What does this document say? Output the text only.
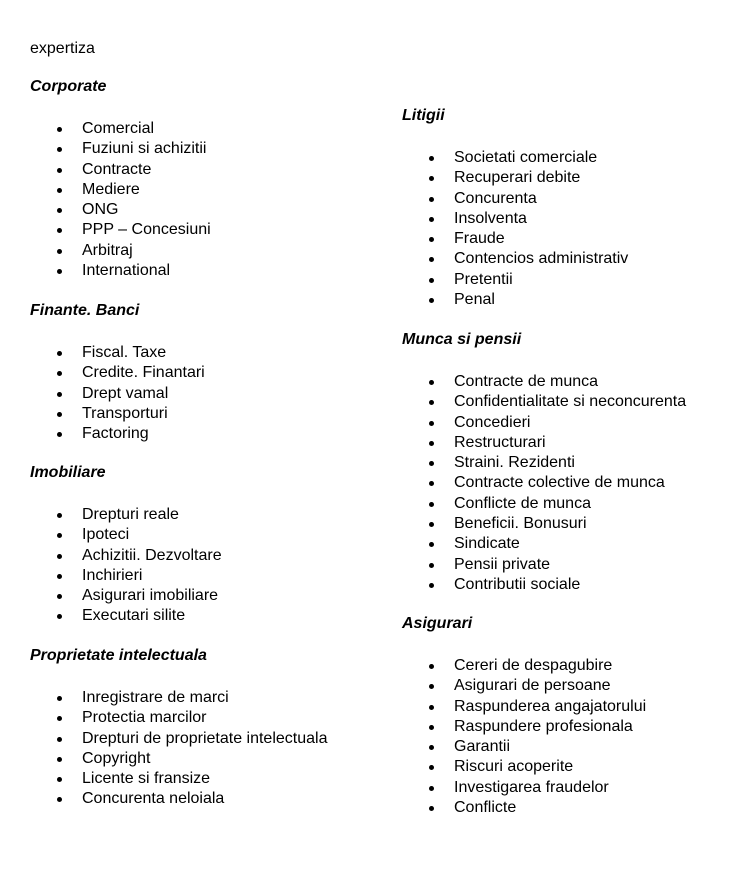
expertiza
Corporate
Comercial
Fuziuni si achizitii
Contracte
Mediere
ONG
PPP – Concesiuni
Arbitraj
International
Finante. Banci
Fiscal. Taxe
Credite. Finantari
Drept vamal
Transporturi
Factoring
Imobiliare
Drepturi reale
Ipoteci
Achizitii. Dezvoltare
Inchirieri
Asigurari imobiliare
Executari silite
Proprietate intelectuala
Inregistrare de marci
Protectia marcilor
Drepturi de proprietate intelectuala
Copyright
Licente si fransize
Concurenta neloiala
Litigii
Societati comerciale
Recuperari debite
Concurenta
Insolventa
Fraude
Contencios administrativ
Pretentii
Penal
Munca si pensii
Contracte de munca
Confidentialitate si neconcurenta
Concedieri
Restructurari
Straini. Rezidenti
Contracte colective de munca
Conflicte de munca
Beneficii. Bonusuri
Sindicate
Pensii private
Contributii sociale
Asigurari
Cereri de despagubire
Asigurari de persoane
Raspunderea angajatorului
Raspundere profesionala
Garantii
Riscuri acoperite
Investigarea fraudelor
Conflicte
